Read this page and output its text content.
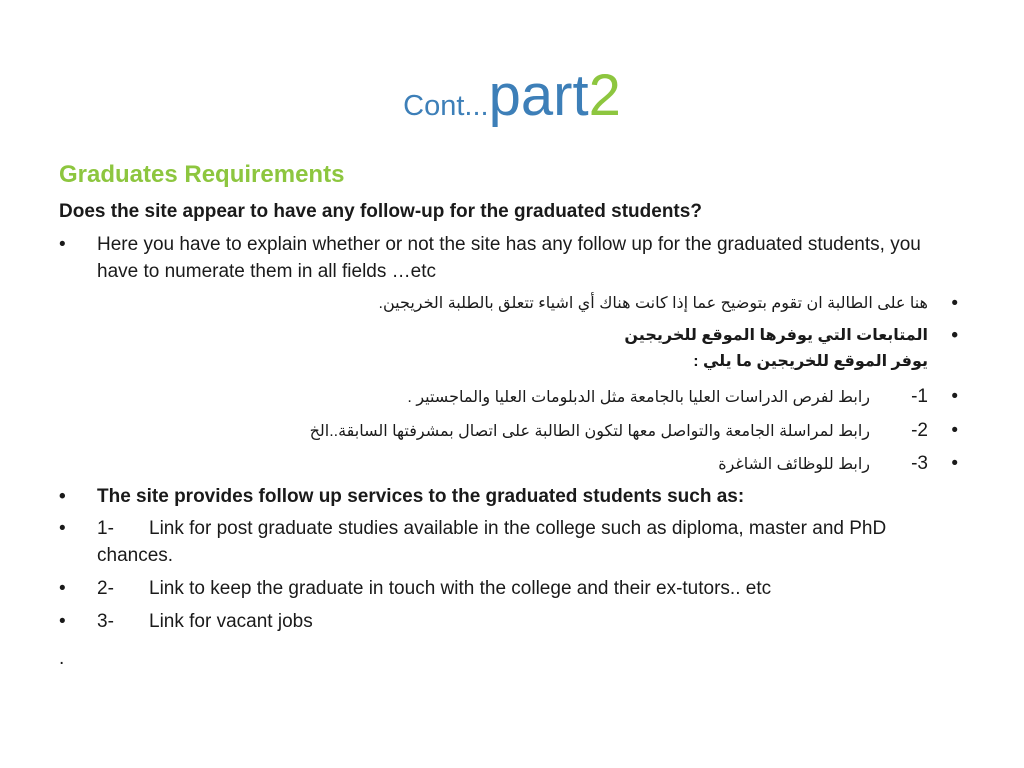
Cont...part2
Graduates Requirements
Does the site appear to have any follow-up for the graduated students?
• Here you have to explain whether or not the site has any follow up for the graduated students, you have to numerate them in all fields …etc
•
هنا على الطالبة ان تقوم بتوضيح عما إذا كانت هناك أي اشياء تتعلق بالطلبة الخريجين.
•
المتابعات التي يوفرها الموقع للخريجين
يوفر الموقع للخريجين ما يلي :
•
1-رابط لفرص الدراسات العليا بالجامعة مثل الدبلومات العليا والماجستير .
•
2-رابط لمراسلة الجامعة والتواصل معها لتكون الطالبة على اتصال بمشرفتها السابقة..الخ
•
3-رابط للوظائف الشاغرة
• The site provides follow up services to the graduated students such as:
• 1- Link for post graduate studies available in the college such as diploma, master and PhD chances.
• 2- Link to keep the graduate in touch with the college and their ex-tutors.. etc
• 3- Link for vacant jobs
.
